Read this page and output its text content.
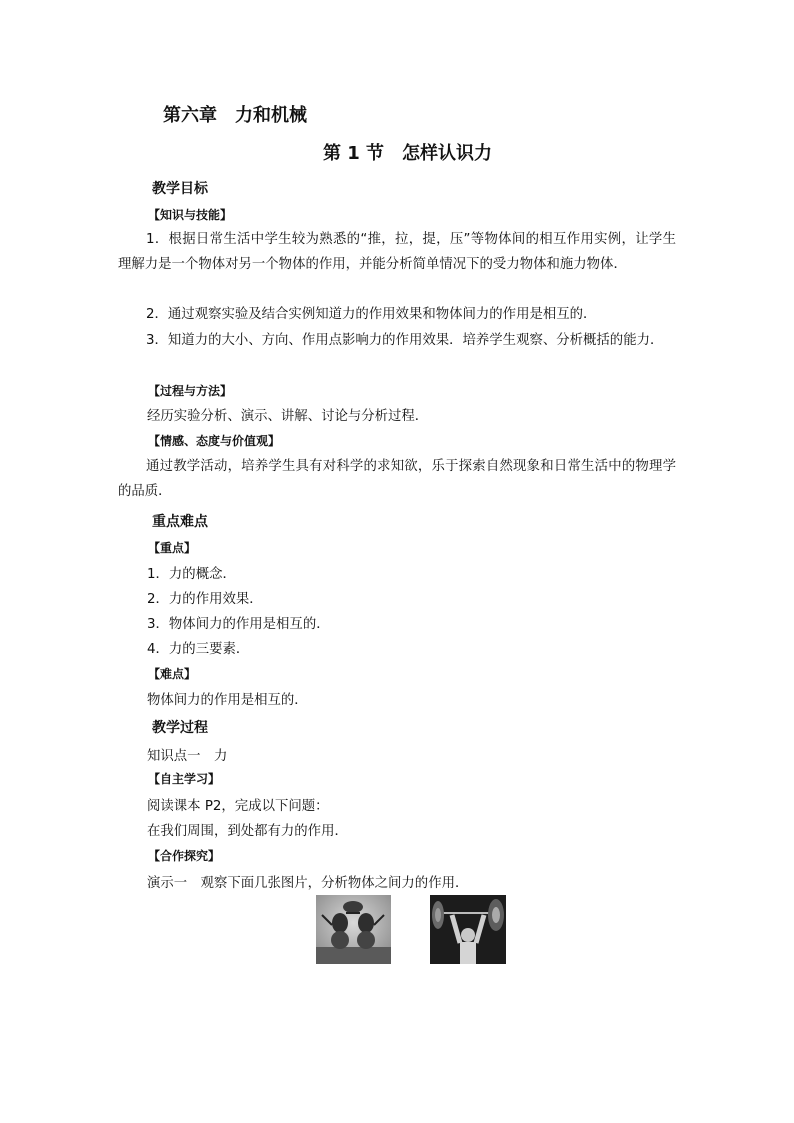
第六章　力和机械
第 1 节　怎样认识力
教学目标
【知识与技能】
1．根据日常生活中学生较为熟悉的“推，拉，提，压”等物体间的相互作用实例，让学生理解力是一个物体对另一个物体的作用，并能分析简单情况下的受力物体和施力物体．
2．通过观察实验及结合实例知道力的作用效果和物体间力的作用是相互的．
3．知道力的大小、方向、作用点影响力的作用效果．培养学生观察、分析概括的能力．
【过程与方法】
经历实验分析、演示、讲解、讨论与分析过程．
【情感、态度与价值观】
通过教学活动，培养学生具有对科学的求知欲，乐于探索自然现象和日常生活中的物理学的品质．
重点难点
【重点】
1．力的概念．
2．力的作用效果．
3．物体间力的作用是相互的．
4．力的三要素．
【难点】
物体间力的作用是相互的．
教学过程
知识点一　力
【自主学习】
阅读课本 P2，完成以下问题：
在我们周围，到处都有力的作用．
【合作探究】
演示一　观察下面几张图片，分析物体之间力的作用．
